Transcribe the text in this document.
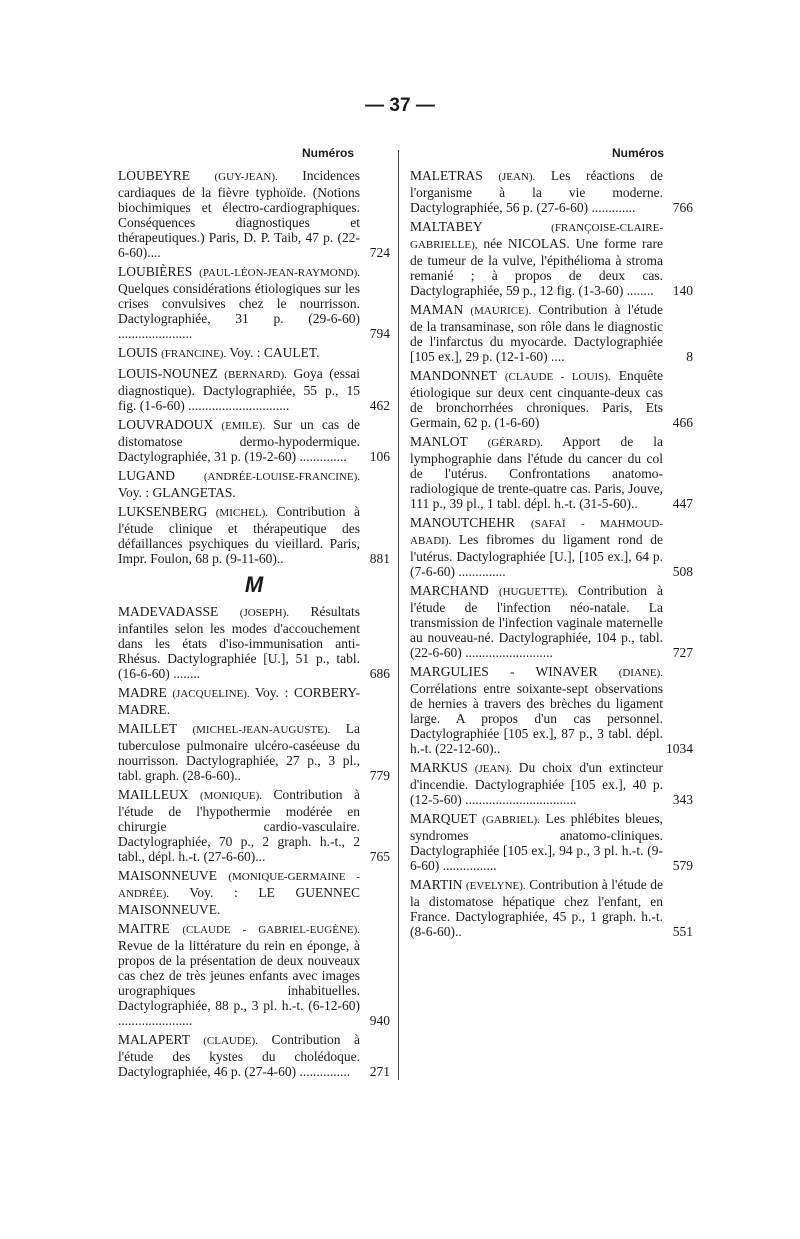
— 37 —
Numéros	Numéros
LOUBEYRE (GUY-JEAN). Incidences cardiaques de la fièvre typhoïde. (Notions biochimiques et électro-cardiographiques. Conséquences diagnostiques et thérapeutiques.) Paris, D. P. Taib, 47 p. (22-6-60)....	724
LOUBIÈRES (PAUL-LÉON-JEAN-RAYMOND). Quelques considérations étiologiques sur les crises convulsives chez le nourrisson. Dactylographiée, 31 p. (29-6-60) ......................	794
LOUIS (FRANCINE). Voy. : CAULET.
LOUIS-NOUNEZ (BERNARD). Goya (essai diagnostique). Dactylographiée, 55 p., 15 fig. (1-6-60) ..............................	462
LOUVRADOUX (EMILE). Sur un cas de distomatose dermo-hypodermique. Dactylographiée, 31 p. (19-2-60) ..............	106
LUGAND	(ANDRÉE-LOUISE-FRANCINE). Voy. : GLANGETAS.
LUKSENBERG (MICHEL). Contribution à l'étude clinique et thérapeutique des défaillances psychiques du vieillard. Paris, Impr. Foulon, 68 p. (9-11-60)..	881
M
MADEVADASSE (JOSEPH). Résultats infantiles selon les modes d'accouchement dans les états d'iso-immunisation anti-Rhésus. Dactylographiée [U.], 51 p., tabl. (16-6-60) ........	686
MADRE (JACQUELINE). Voy. : CORBERY-MADRE.
MAILLET (MICHEL-JEAN-AUGUSTE). La tuberculose pulmonaire ulcéro-caséeuse du nourrisson. Dactylographiée, 27 p., 3 pl., tabl. graph. (28-6-60)..	779
MAILLEUX (MONIQUE). Contribution à l'étude de l'hypothermie modérée en chirurgie cardio-vasculaire. Dactylographiée, 70 p., 2 graph. h.-t., 2 tabl., dépl. h.-t. (27-6-60)...	765
MAISONNEUVE (MONIQUE-GERMAINE - ANDRÉE). Voy. : LE GUENNEC MAISONNEUVE.
MAITRE (CLAUDE - GABRIEL-EUGÈNE). Revue de la littérature du rein en éponge, à propos de la présentation de deux nouveaux cas chez de très jeunes enfants avec images urographiques inhabituelles. Dactylographiée, 88 p., 3 pl. h.-t. (6-12-60) ......................	940
MALAPERT (CLAUDE). Contribution à l'étude des kystes du cholédoque. Dactylographiée, 46 p. (27-4-60) ...............	271
MALETRAS (JEAN). Les réactions de l'organisme à la vie moderne. Dactylographiée, 56 p. (27-6-60) .............	766
MALTABEY	(FRANÇOISE-CLAIRE-GABRIELLE), née NICOLAS. Une forme rare de tumeur de la vulve, l'épithélioma à stroma remanié ; à propos de deux cas. Dactylographiée, 59 p., 12 fig. (1-3-60) ........	140
MAMAN (MAURICE). Contribution à l'étude de la transaminase, son rôle dans le diagnostic de l'infarctus du myocarde. Dactylographiée [105 ex.], 29 p. (12-1-60) ....	8
MANDONNET (CLAUDE - LOUIS). Enquête étiologique sur deux cent cinquante-deux cas de bronchorrhées chroniques. Paris, Ets Germain, 62 p. (1-6-60)	466
MANLOT (GÉRARD). Apport de la lymphographie dans l'étude du cancer du col de l'utérus. Confrontations anatomo-radiologique de trente-quatre cas. Paris, Jouve, 111 p., 39 pl., 1 tabl. dépl. h.-t. (31-5-60)..	447
MANOUTCHEHR (SAFAÏ - MAHMOUD-ABADI). Les fibromes du ligament rond de l'utérus. Dactylographiée [U.], [105 ex.], 64 p. (7-6-60) ..............	508
MARCHAND (HUGUETTE). Contribution à l'étude de l'infection néo-natale. La transmission de l'infection vaginale maternelle au nouveau-né. Dactylographiée, 104 p., tabl. (22-6-60) ..........................	727
MARGULIES - WINAVER (DIANE). Corrélations entre soixante-sept observations de hernies à travers des brèches du ligament large. A propos d'un cas personnel. Dactylographiée [105 ex.], 87 p., 3 tabl. dépl. h.-t. (22-12-60)..	1034
MARKUS (JEAN). Du choix d'un extincteur d'incendie. Dactylographiée [105 ex.], 40 p. (12-5-60) .................................	343
MARQUET (GABRIEL). Les phlébites bleues, syndromes anatomo-cliniques. Dactylographiée [105 ex.], 94 p., 3 pl. h.-t. (9-6-60) ................	579
MARTIN (EVELYNE). Contribution à l'étude de la distomatose hépatique chez l'enfant, en France. Dactylographiée, 45 p., 1 graph. h.-t. (8-6-60)..	551
